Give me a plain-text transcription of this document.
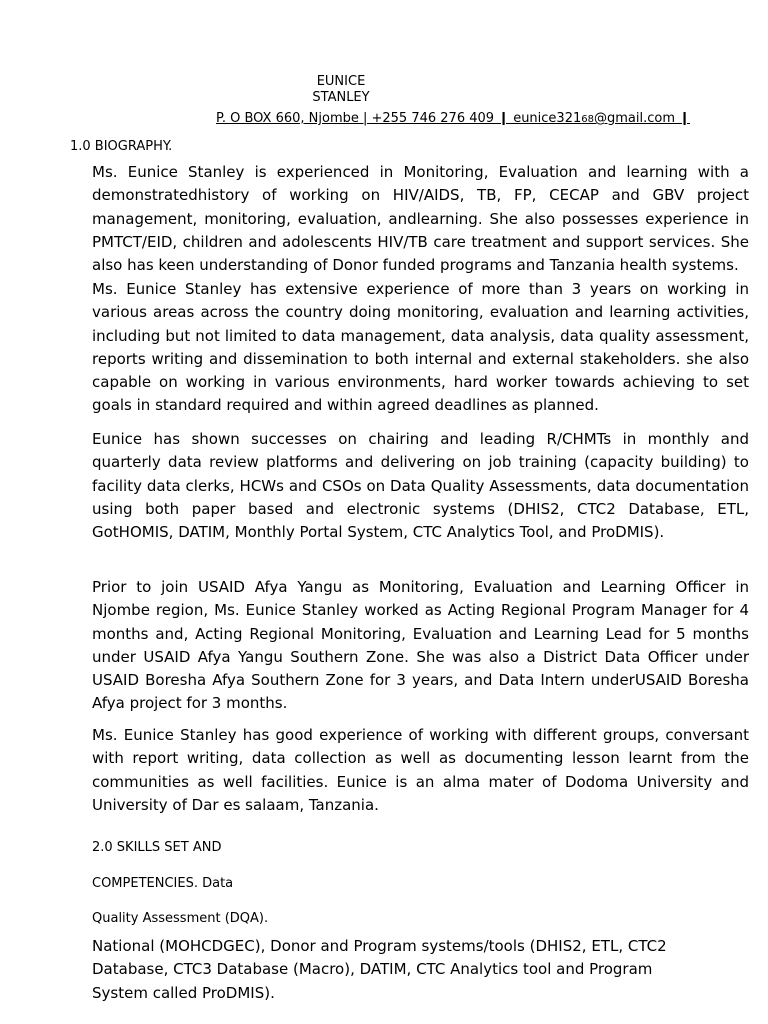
EUNICE
STANLEY
P. O BOX 660, Njombe | +255 746 276 409 ❙ eunice32168@gmail.com ❙
1.0 BIOGRAPHY.

Ms. Eunice Stanley is experienced in Monitoring, Evaluation and learning with a demonstratedhistory of working on HIV/AIDS, TB, FP, CECAP and GBV project management, monitoring, evaluation, andlearning. She also possesses experience in PMTCT/EID, children and adolescents HIV/TB care treatment and support services. She also has keen understanding of Donor funded programs and Tanzania health systems.

Ms. Eunice Stanley has extensive experience of more than 3 years on working in various areas across the country doing monitoring, evaluation and learning activities, including but not limited to data management, data analysis, data quality assessment, reports writing and dissemination to both internal and external stakeholders. she also capable on working in various environments, hard worker towards achieving to set goals in standard required and within agreed deadlines as planned.

Eunice has shown successes on chairing and leading R/CHMTs in monthly and quarterly data review platforms and delivering on job training (capacity building) to facility data clerks, HCWs and CSOs on Data Quality Assessments, data documentation using both paper based and electronic systems (DHIS2, CTC2 Database, ETL, GotHOMIS, DATIM, Monthly Portal System, CTC Analytics Tool, and ProDMIS).

Prior to join USAID Afya Yangu as Monitoring, Evaluation and Learning Officer in Njombe region, Ms. Eunice Stanley worked as Acting Regional Program Manager for 4 months and, Acting Regional Monitoring, Evaluation and Learning Lead for 5 months under USAID Afya Yangu Southern Zone. She was also a District Data Officer under USAID Boresha Afya Southern Zone for 3 years, and Data Intern underUSAID Boresha Afya project for 3 months.

Ms. Eunice Stanley has good experience of working with different groups, conversant with report writing, data collection as well as documenting lesson learnt from the communities as well facilities. Eunice is an alma mater of Dodoma University and University of Dar es salaam, Tanzania.

2.0 SKILLS SET AND
COMPETENCIES. Data
Quality Assessment (DQA).
National (MOHCDGEC), Donor and Program systems/tools (DHIS2, ETL, CTC2 Database, CTC3 Database (Macro), DATIM, CTC Analytics tool and Program System called ProDMIS).
